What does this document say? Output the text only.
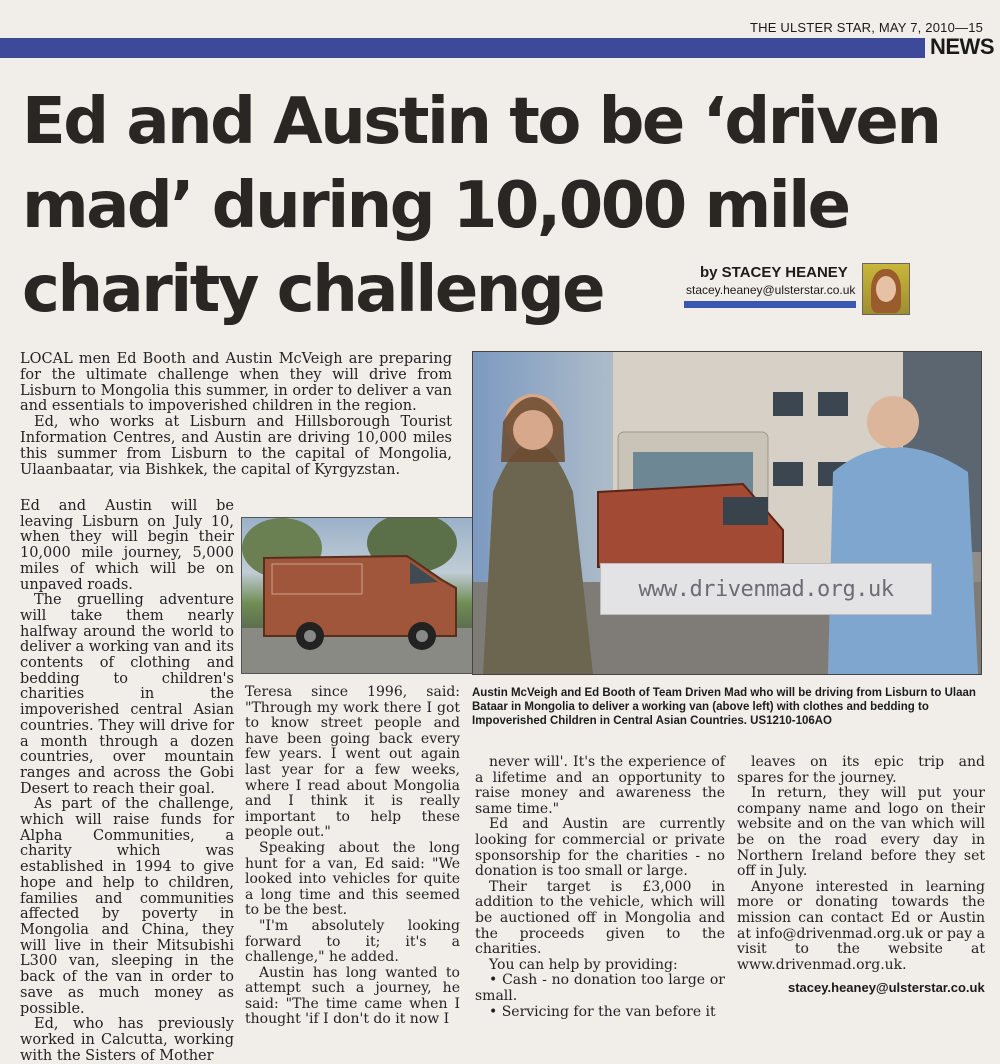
THE ULSTER STAR, MAY 7, 2010—15
NEWS
Ed and Austin to be ‘driven
mad’ during 10,000 mile
charity challenge	by STACEY HEANEY
stacey.heaney@ulsterstar.co.uk

LOCAL men Ed Booth and Austin McVeigh are preparing for the ultimate challenge when they will drive from Lisburn to Mongolia this summer, in order to deliver a van and essentials to impoverished children in the region.

Ed, who works at Lisburn and Hillsborough Tourist Information Centres, and Austin are driving 10,000 miles this summer from Lisburn to the capital of Mongolia, Ulaanbaatar, via Bishkek, the capital of Kyrgyzstan.

Ed and Austin will be leaving Lisburn on July 10, when they will begin their 10,000 mile journey, 5,000 miles of which will be on unpaved roads.

The gruelling adventure will take them nearly halfway around the world to deliver a working van and its contents of clothing and bedding to children's charities in the impoverished central Asian countries. They will drive for a month through a dozen countries, over mountain ranges and across the Gobi Desert to reach their goal.

As part of the challenge, which will raise funds for Alpha Communities, a charity which was established in 1994 to give hope and help to children, families and communities affected by poverty in Mongolia and China, they will live in their Mitsubishi L300 van, sleeping in the back of the van in order to save as much money as possible.

Ed, who has previously worked in Calcutta, working with the Sisters of Mother

www.drivenmad.org.uk
Austin McVeigh and Ed Booth of Team Driven Mad who will be driving from Lisburn to Ulaan Bataar in Mongolia to deliver a working van (above left) with clothes and bedding to Impoverished Children in Central Asian Countries. US1210-106AO

Teresa since 1996, said: "Through my work there I got to know street people and have been going back every few years. I went out again last year for a few weeks, where I read about Mongolia and I think it is really important to help these people out."

Speaking about the long hunt for a van, Ed said: "We looked into vehicles for quite a long time and this seemed to be the best.

"I'm absolutely looking forward to it; it's a challenge," he added.

Austin has long wanted to attempt such a journey, he said: "The time came when I thought 'if I don't do it now I

never will'. It's the experience of a lifetime and an opportunity to raise money and awareness the same time."

Ed and Austin are currently looking for commercial or private sponsorship for the charities - no donation is too small or large.

Their target is £3,000 in addition to the vehicle, which will be auctioned off in Mongolia and the proceeds given to the charities.

You can help by providing:

• Cash - no donation too large or small.

• Servicing for the van before it

leaves on its epic trip and spares for the journey.

In return, they will put your company name and logo on their website and on the van which will be on the road every day in Northern Ireland before they set off in July.

Anyone interested in learning more or donating towards the mission can contact Ed or Austin at info@drivenmad.org.uk or pay a visit to the website at www.drivenmad.org.uk.

stacey.heaney@ulsterstar.co.uk
